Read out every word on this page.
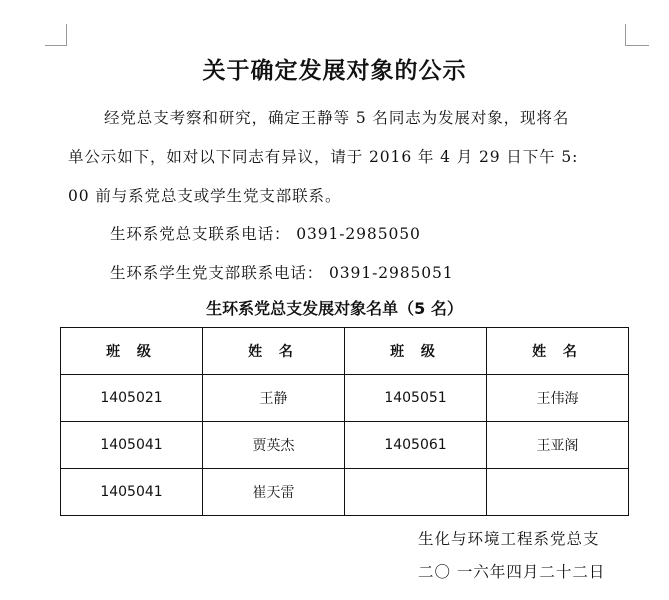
关于确定发展对象的公示
经党总支考察和研究，确定王静等 5 名同志为发展对象，现将名
单公示如下，如对以下同志有异议，请于 2016 年 4 月 29 日下午 5:
00 前与系党总支或学生党支部联系。
生环系党总支联系电话： 0391-2985050
生环系学生党支部联系电话： 0391-2985051
生环系党总支发展对象名单（5 名）
班 级	姓 名	班 级	姓 名
1405021	王静	1405051	王伟海
1405041	贾英杰	1405061	王亚阁
1405041	崔天雷		
生化与环境工程系党总支
二〇 一六年四月二十二日
